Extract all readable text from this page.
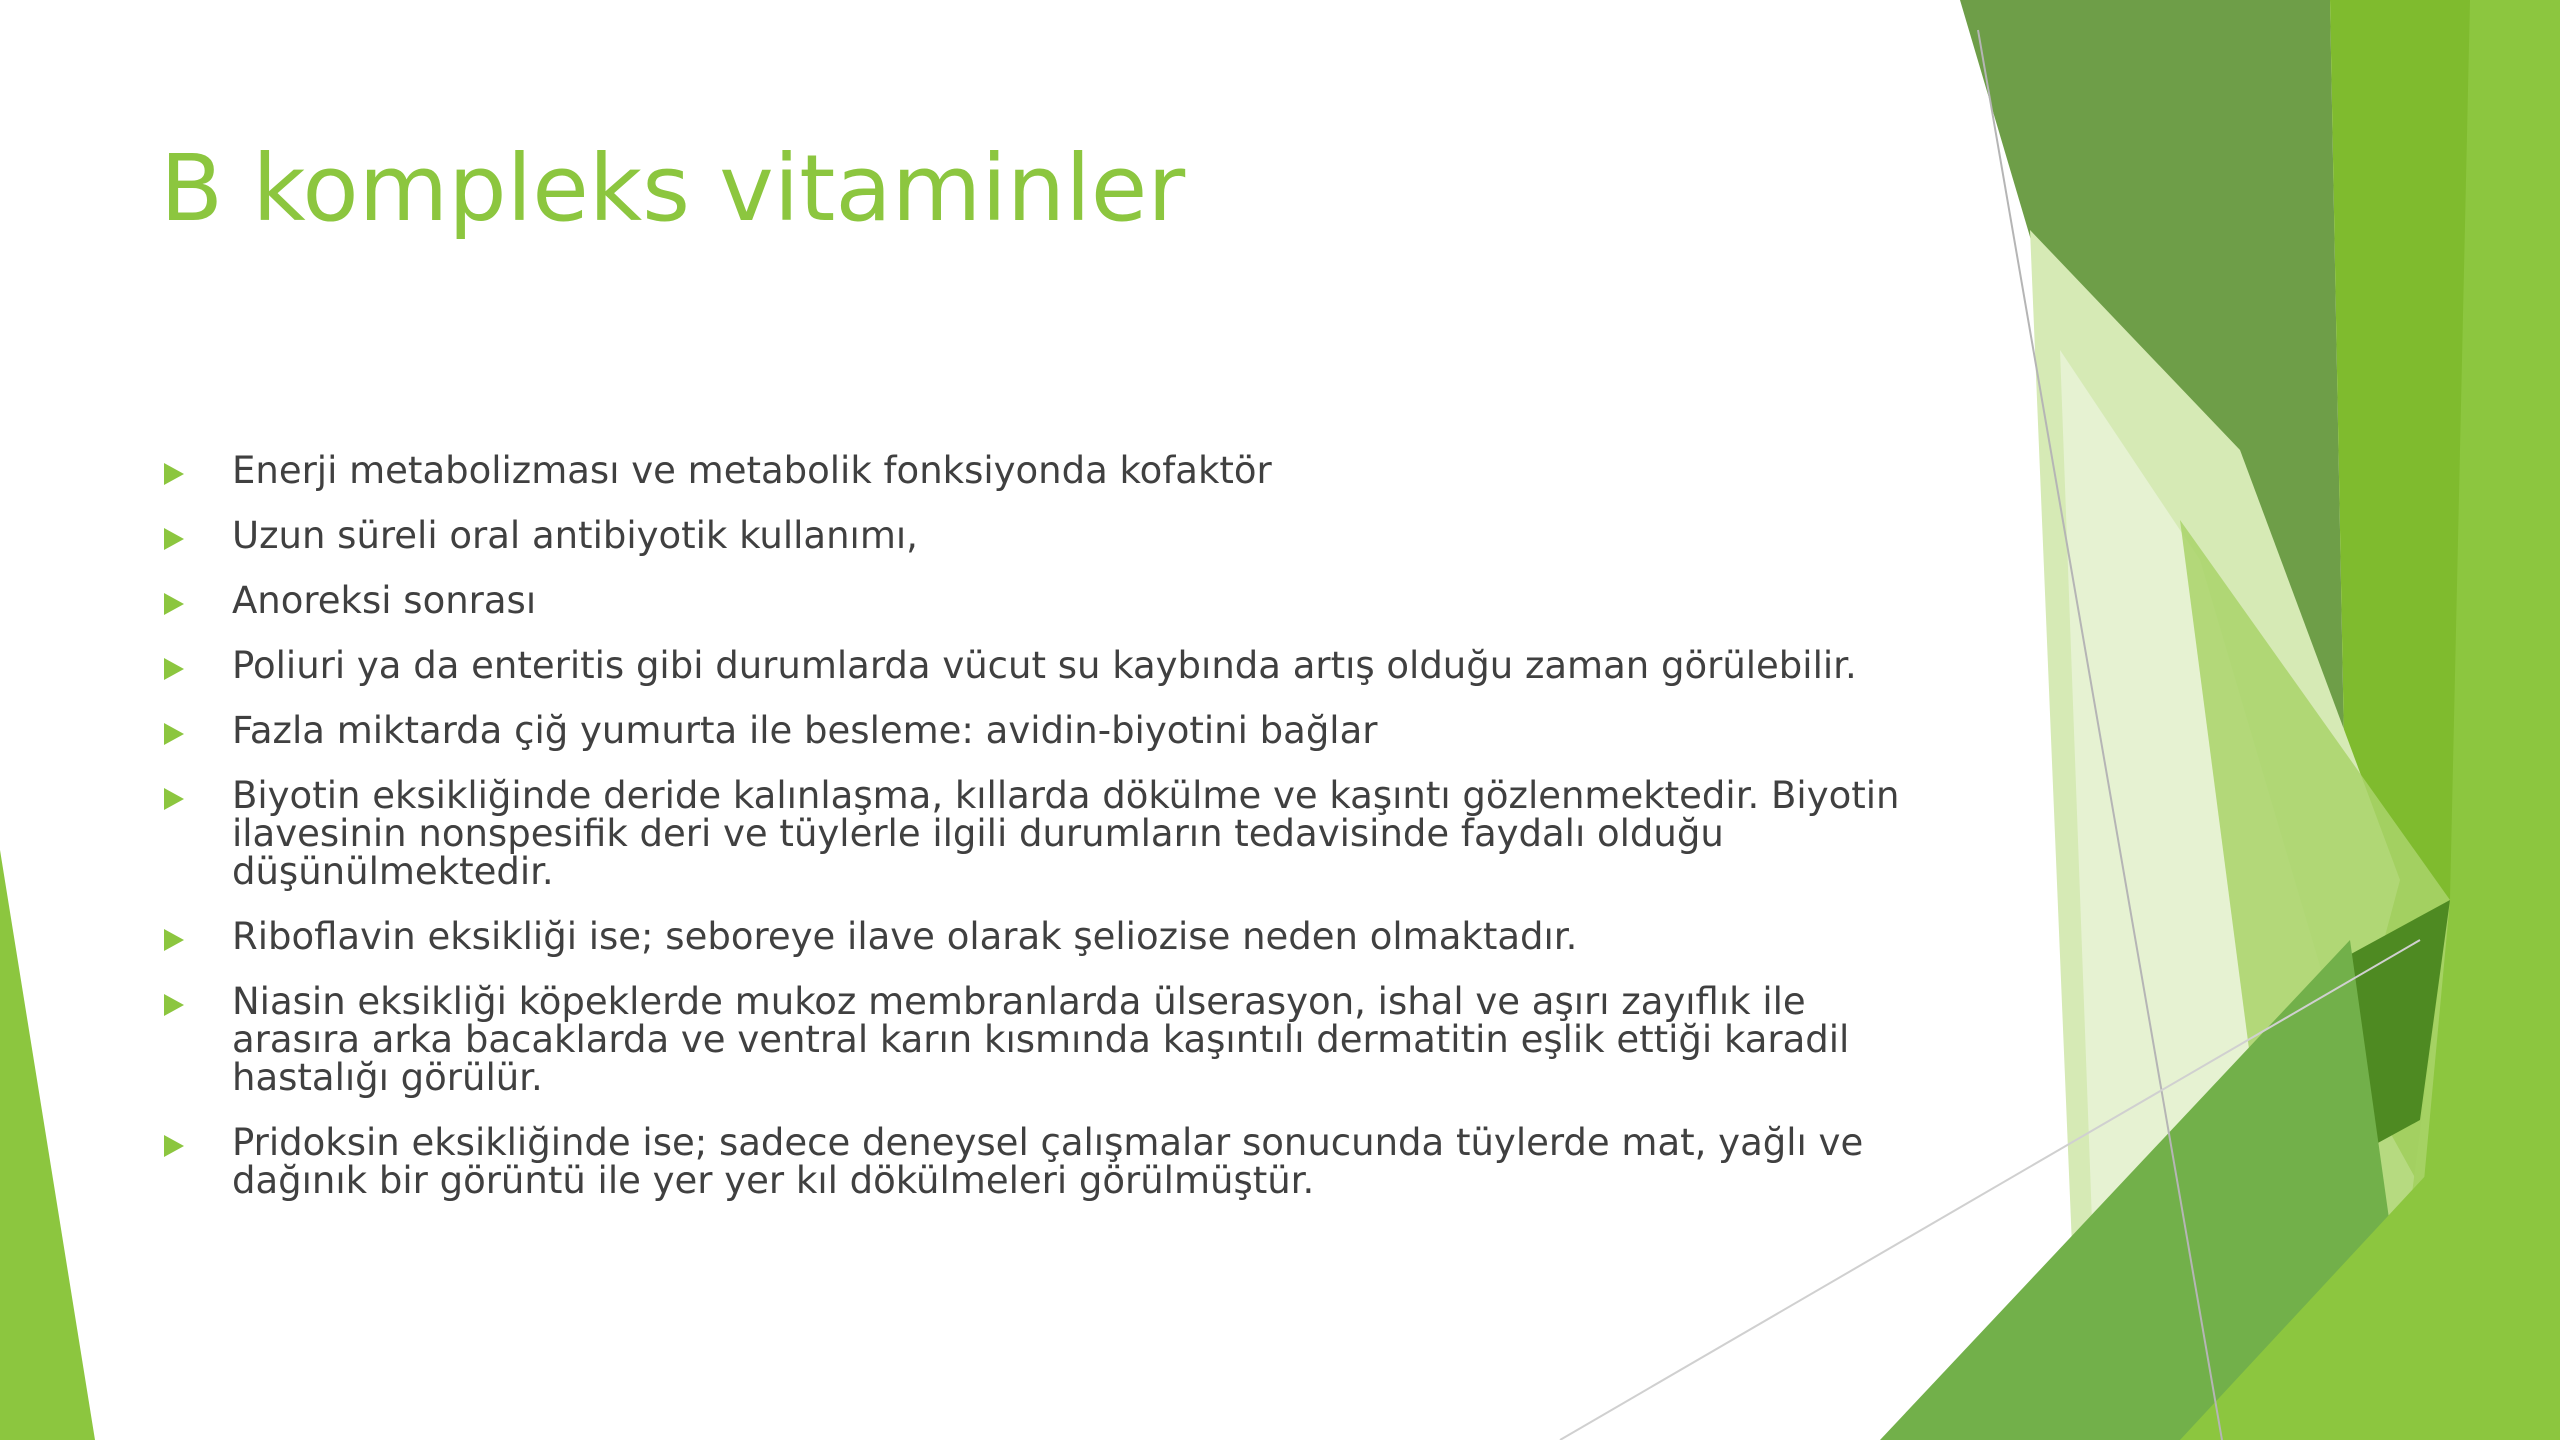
B kompleks vitaminler
Enerji metabolizması ve metabolik fonksiyonda kofaktör
Uzun süreli oral antibiyotik kullanımı,
Anoreksi sonrası
Poliuri ya da enteritis gibi durumlarda vücut su kaybında artış olduğu zaman görülebilir.
Fazla miktarda çiğ yumurta ile besleme: avidin-biyotini bağlar
Biyotin eksikliğinde deride kalınlaşma, kıllarda dökülme ve kaşıntı gözlenmektedir. Biyotin ilavesinin nonspesifik deri ve tüylerle ilgili durumların tedavisinde faydalı olduğu düşünülmektedir.
Riboflavin eksikliği ise; seboreye ilave olarak şeliozise neden olmaktadır.
Niasin eksikliği köpeklerde mukoz membranlarda ülserasyon, ishal ve aşırı zayıflık ile arasıra arka bacaklarda ve ventral karın kısmında kaşıntılı dermatitin eşlik ettiği karadil hastalığı görülür.
Pridoksin eksikliğinde ise; sadece deneysel çalışmalar sonucunda tüylerde mat, yağlı ve dağınık bir görüntü ile yer yer kıl dökülmeleri görülmüştür.
